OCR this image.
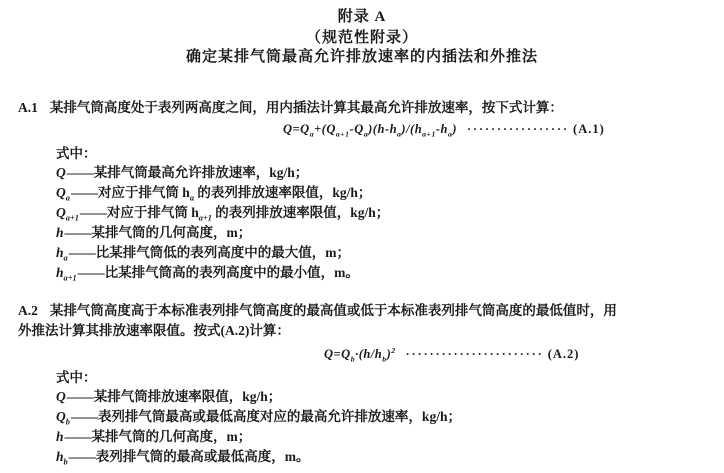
附录 A
（规范性附录）
确定某排气筒最高允许排放速率的内插法和外推法
A.1 某排气筒高度处于表列两高度之间，用内插法计算其最高允许排放速率，按下式计算：
$Q=Q_a+(Q_{a+1}-Q_a)(h-h_a)/(h_{a+1}-h_a)$ ················· (A.1)
式中：
Q——某排气筒最高允许排放速率，kg/h；
$Q_a——$对应于排气筒 $h_a$ 的表列排放速率限值，kg/h；
$Q_{a+1}——$对应于排气筒 $h_{a+1}$ 的表列排放速率限值，kg/h；
h——某排气筒的几何高度，m；
$h_a——$比某排气筒低的表列高度中的最大值，m；
$h_{a+1}——$比某排气筒高的表列高度中的最小值，m。
A.2 某排气筒高度高于本标准表列排气筒高度的最高值或低于本标准表列排气筒高度的最低值时，用
外推法计算其排放速率限值。按式(A.2)计算：
$Q=Q_b\cdot(h/h_b)^2$ ······················· (A.2)
式中：
Q——某排气筒排放速率限值，kg/h；
$Q_b——$表列排气筒最高或最低高度对应的最高允许排放速率，kg/h；
h——某排气筒的几何高度，m；
$h_b——$表列排气筒的最高或最低高度，m。
